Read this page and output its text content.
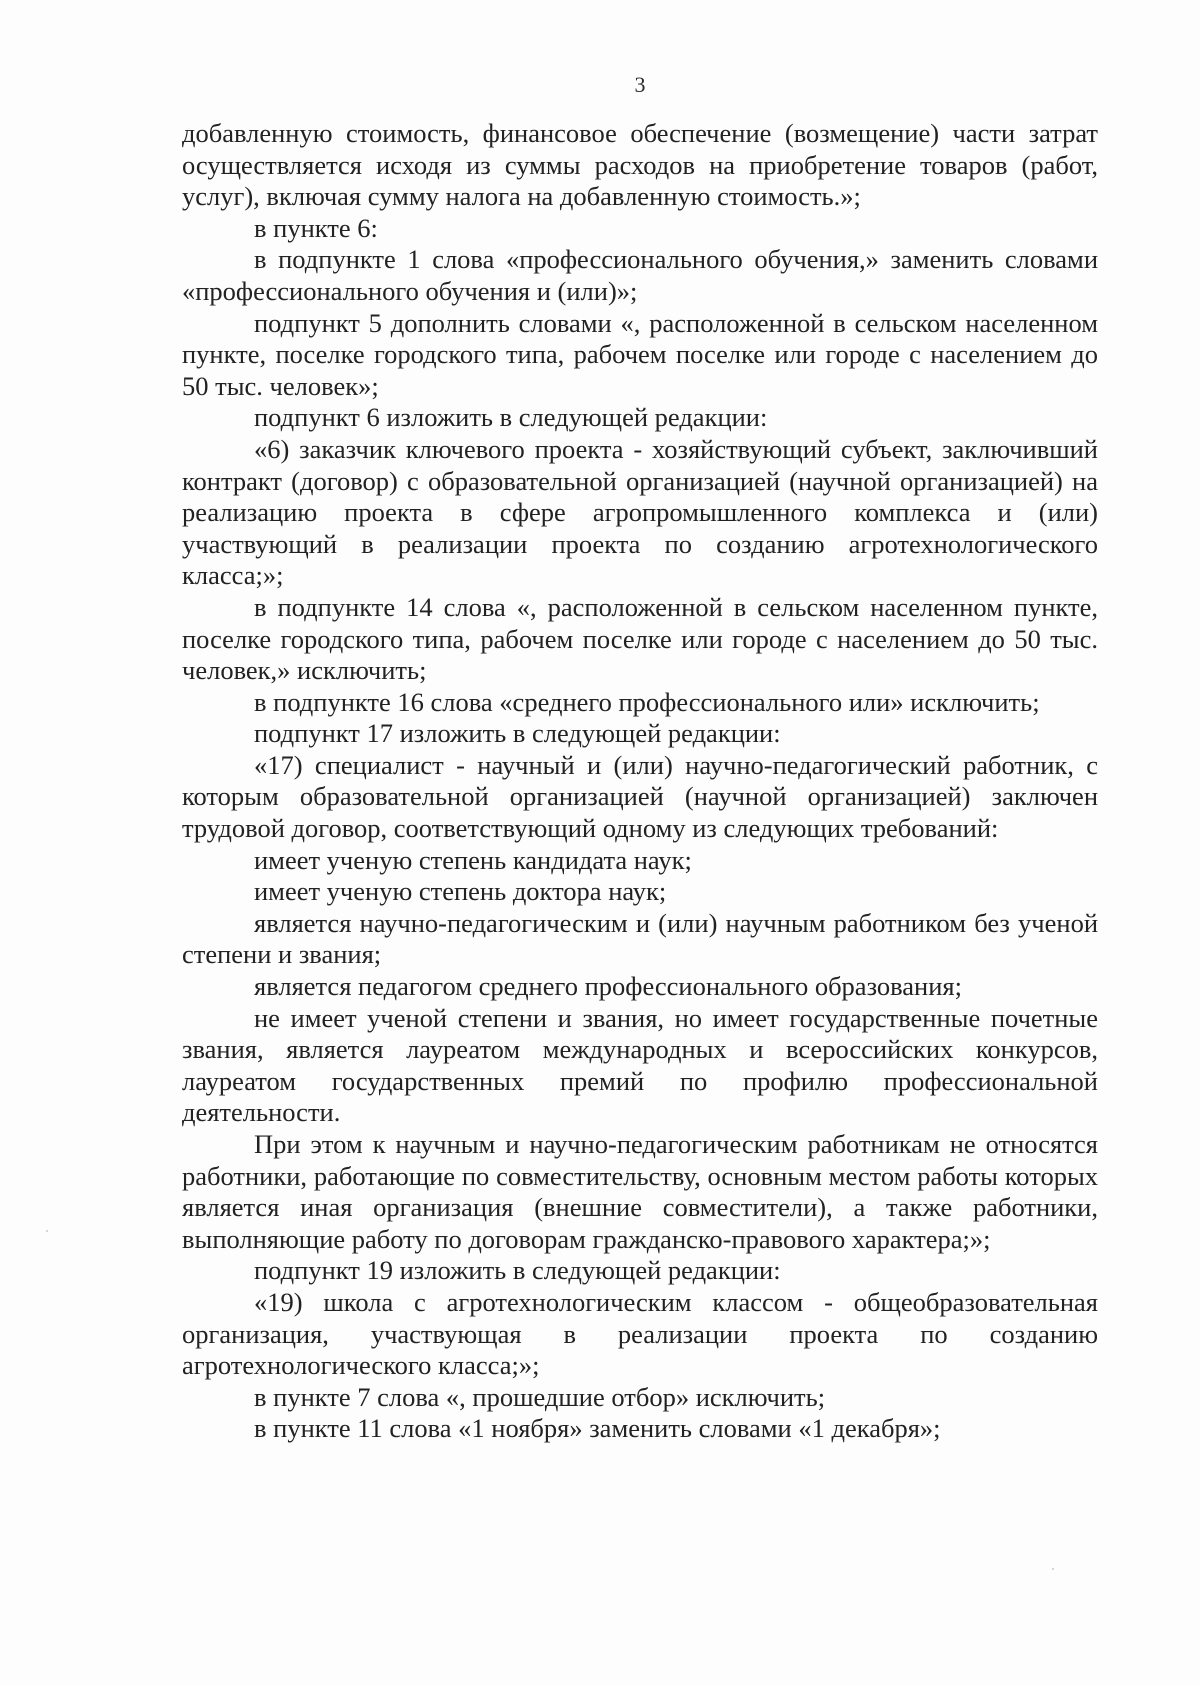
3

добавленную стоимость, финансовое обеспечение (возмещение) части затрат осуществляется исходя из суммы расходов на приобретение товаров (работ, услуг), включая сумму налога на добавленную стоимость.»;

в пункте 6:

в подпункте 1 слова «профессионального обучения,» заменить словами «профессионального обучения и (или)»;

подпункт 5 дополнить словами «, расположенной в сельском населенном пункте, поселке городского типа, рабочем поселке или городе с населением до 50 тыс. человек»;

подпункт 6 изложить в следующей редакции:

«6) заказчик ключевого проекта - хозяйствующий субъект, заключивший контракт (договор) с образовательной организацией (научной организацией) на реализацию проекта в сфере агропромышленного комплекса и (или) участвующий в реализации проекта по созданию агротехнологического класса;»;

в подпункте 14 слова «, расположенной в сельском населенном пункте, поселке городского типа, рабочем поселке или городе с населением до 50 тыс. человек,» исключить;

в подпункте 16 слова «среднего профессионального или» исключить;

подпункт 17 изложить в следующей редакции:

«17) специалист - научный и (или) научно-педагогический работник, с которым образовательной организацией (научной организацией) заключен трудовой договор, соответствующий одному из следующих требований:

имеет ученую степень кандидата наук;

имеет ученую степень доктора наук;

является научно-педагогическим и (или) научным работником без ученой степени и звания;

является педагогом среднего профессионального образования;

не имеет ученой степени и звания, но имеет государственные почетные звания, является лауреатом международных и всероссийских конкурсов, лауреатом государственных премий по профилю профессиональной деятельности.

При этом к научным и научно-педагогическим работникам не относятся работники, работающие по совместительству, основным местом работы которых является иная организация (внешние совместители), а также работники, выполняющие работу по договорам гражданско-правового характера;»;

подпункт 19 изложить в следующей редакции:

«19) школа с агротехнологическим классом - общеобразовательная организация, участвующая в реализации проекта по созданию агротехнологического класса;»;

в пункте 7 слова «, прошедшие отбор» исключить;

в пункте 11 слова «1 ноября» заменить словами «1 декабря»;
